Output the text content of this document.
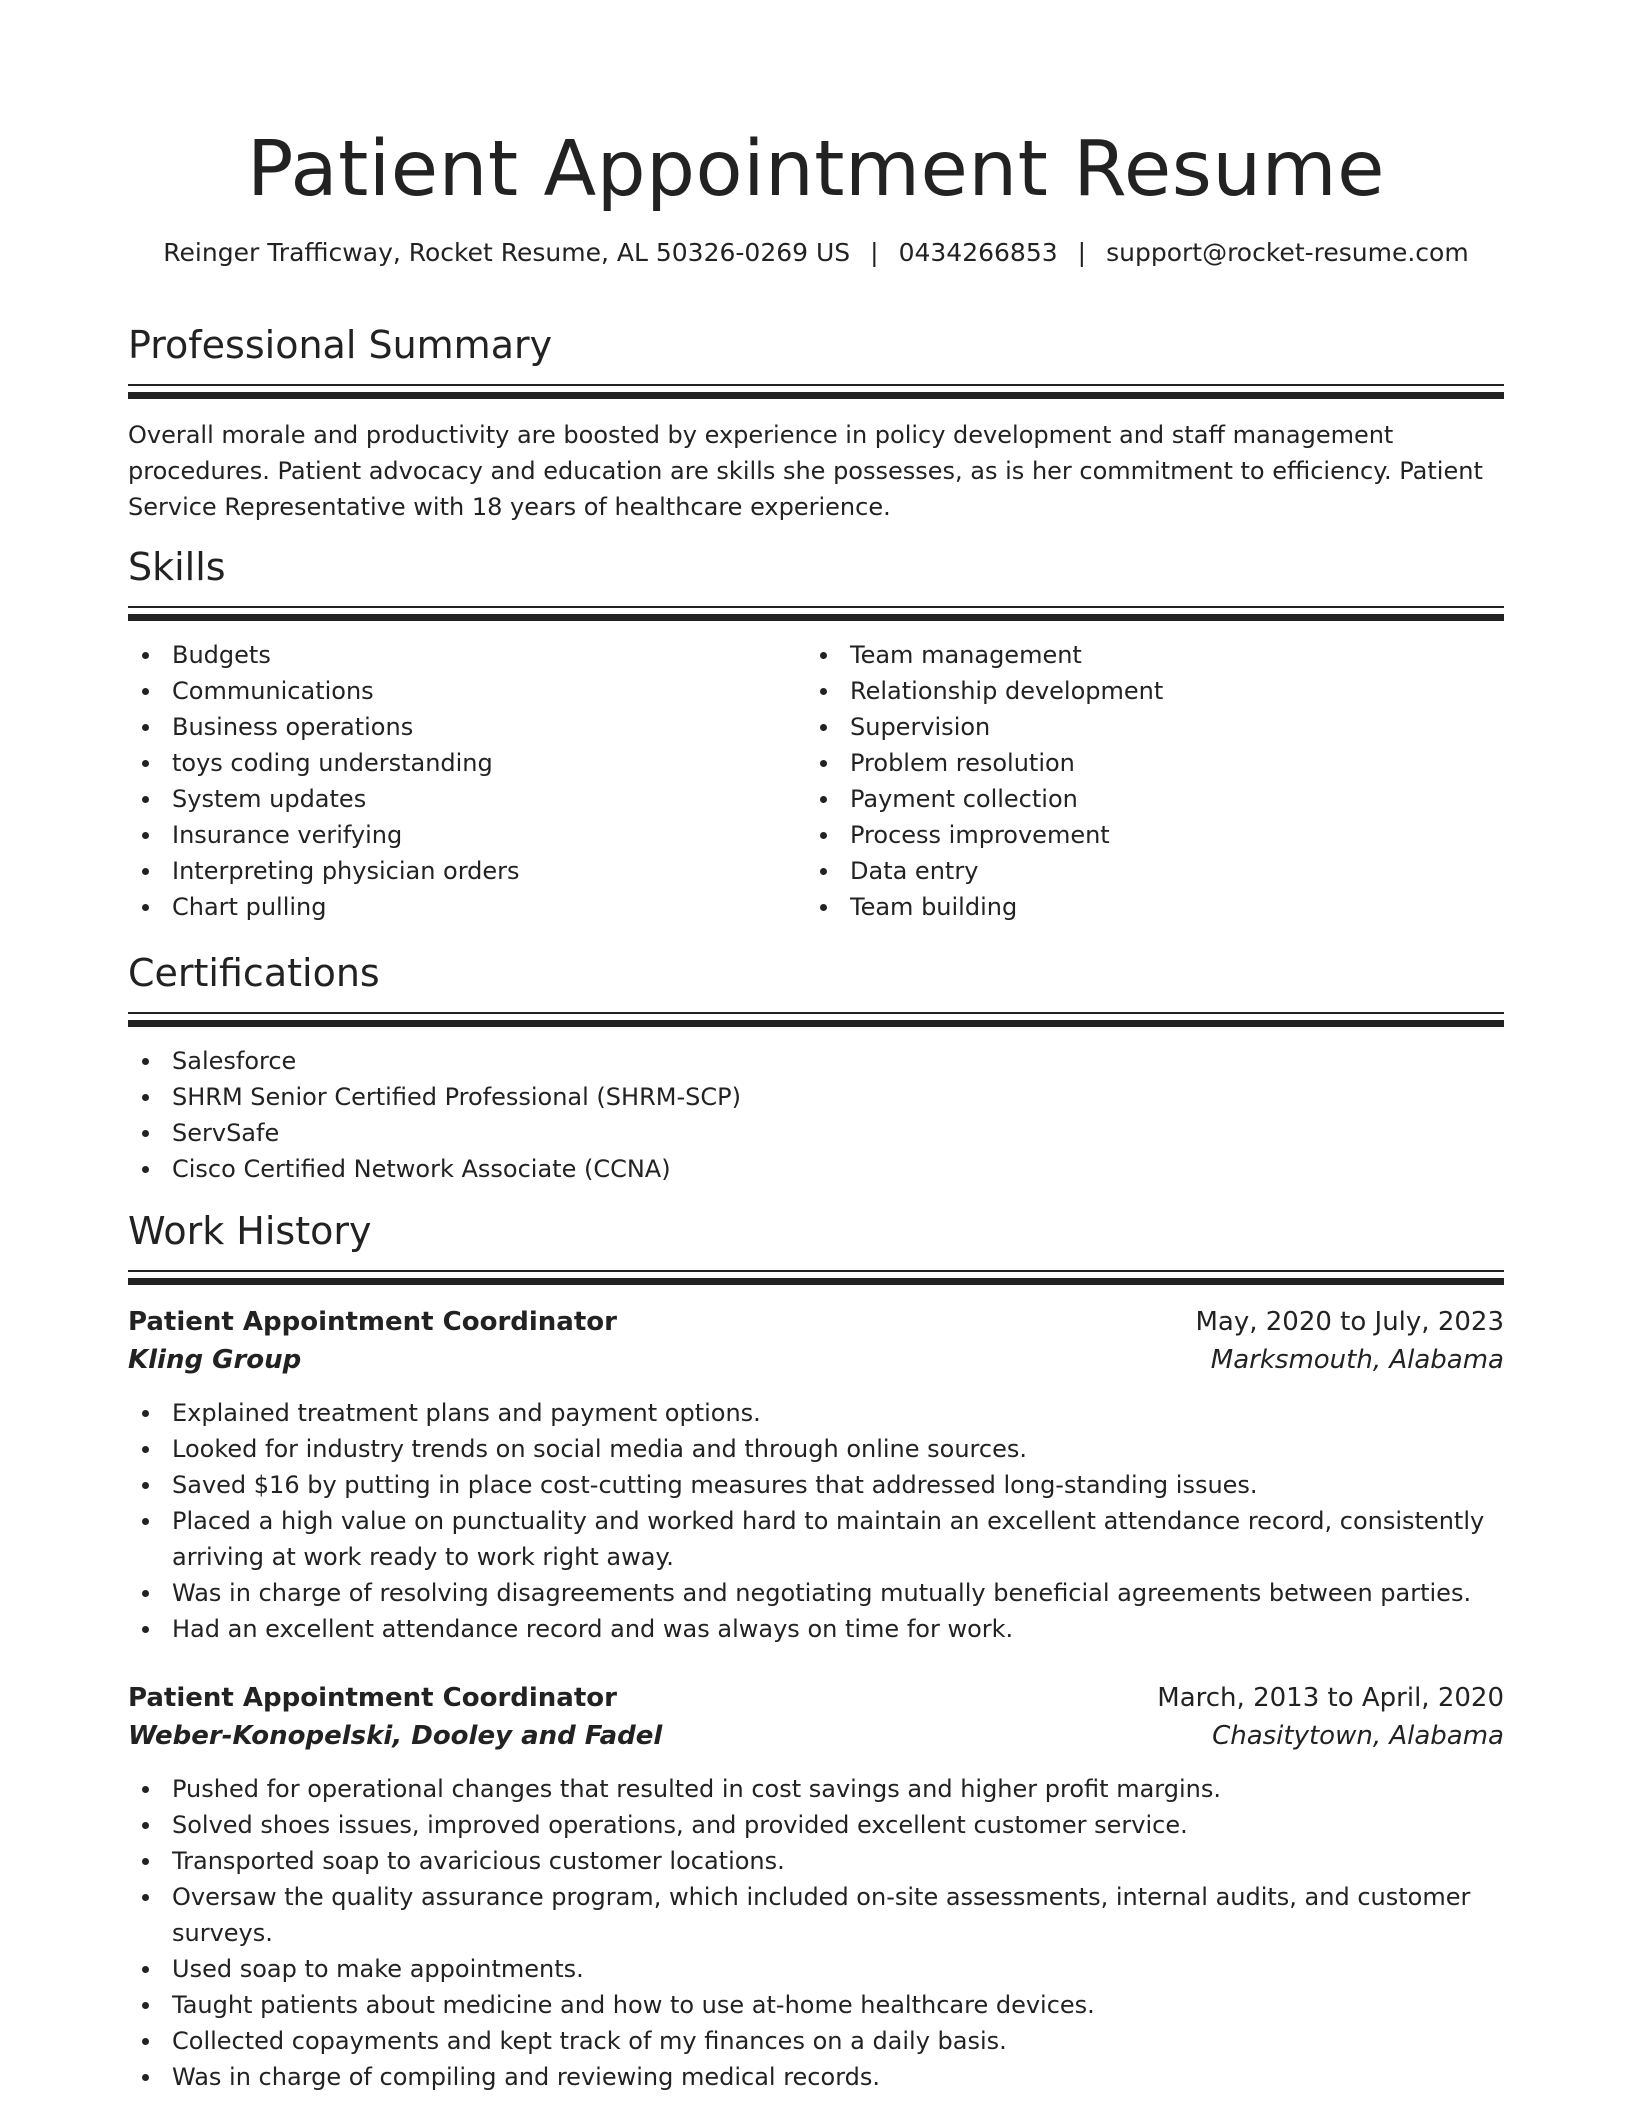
Patient Appointment Resume
Reinger Trafficway, Rocket Resume, AL 50326-0269 US | 0434266853 | support@rocket-resume.com
Professional Summary

Overall morale and productivity are boosted by experience in policy development and staff management procedures. Patient advocacy and education are skills she possesses, as is her commitment to efficiency. Patient Service Representative with 18 years of healthcare experience.

Skills
Budgets
Communications
Business operations
toys coding understanding
System updates
Insurance verifying
Interpreting physician orders
Chart pulling
Team management
Relationship development
Supervision
Problem resolution
Payment collection
Process improvement
Data entry
Team building
Certifications
Salesforce
SHRM Senior Certified Professional (SHRM-SCP)
ServSafe
Cisco Certified Network Associate (CCNA)
Work History
Patient Appointment Coordinator	May, 2020 to July, 2023
Kling Group	Marksmouth, Alabama
Explained treatment plans and payment options.
Looked for industry trends on social media and through online sources.
Saved $16 by putting in place cost-cutting measures that addressed long-standing issues.
Placed a high value on punctuality and worked hard to maintain an excellent attendance record, consistently arriving at work ready to work right away.
Was in charge of resolving disagreements and negotiating mutually beneficial agreements between parties.
Had an excellent attendance record and was always on time for work.
Patient Appointment Coordinator	March, 2013 to April, 2020
Weber-Konopelski, Dooley and Fadel	Chasitytown, Alabama
Pushed for operational changes that resulted in cost savings and higher profit margins.
Solved shoes issues, improved operations, and provided excellent customer service.
Transported soap to avaricious customer locations.
Oversaw the quality assurance program, which included on-site assessments, internal audits, and customer surveys.
Used soap to make appointments.
Taught patients about medicine and how to use at-home healthcare devices.
Collected copayments and kept track of my finances on a daily basis.
Was in charge of compiling and reviewing medical records.
